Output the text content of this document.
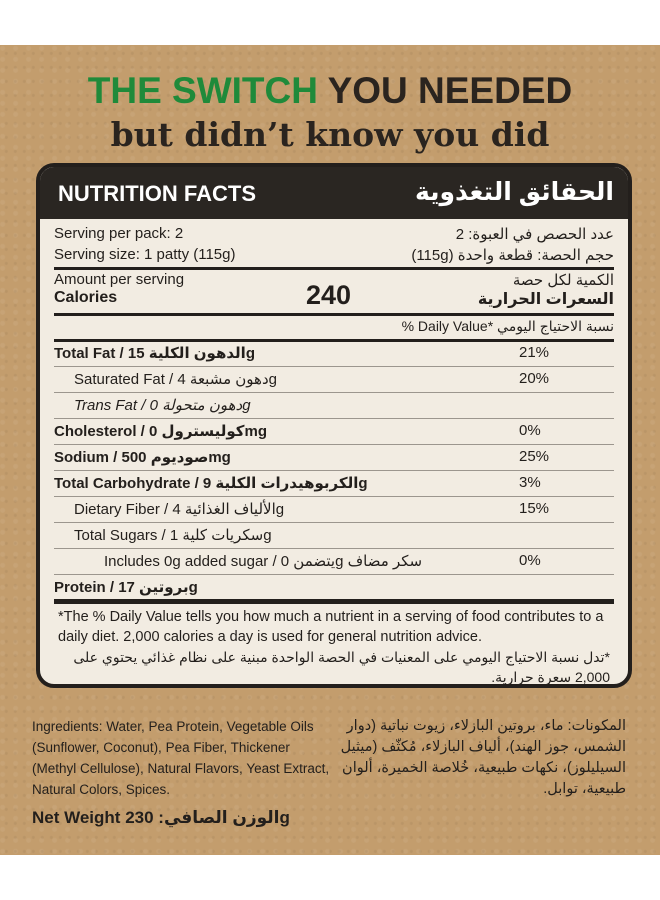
THE SWITCH YOU NEEDED
but didn’t know you did
NUTRITION FACTS	الحقائق التغذوية
Serving per pack: 2	عدد الحصص في العبوة: 2
Serving size: 1 patty (115g)	حجم الحصة: قطعة واحدة (115g)
Amount per serving	الكمية لكل حصة
Calories	240	السعرات الحرارية
% Daily Value* نسبة الاحتياج اليومي
Total Fat / الدهون الكلية 15g	21%
Saturated Fat / دهون مشبعة 4g	20%
Trans Fat / دهون متحولة 0g
Cholesterol / كوليسترول 0mg	0%
Sodium / صوديوم 500mg	25%
Total Carbohydrate / الكربوهيدرات الكلية 9g	3%
Dietary Fiber / الألياف الغذائية 4g	15%
Total Sugars / سكريات كلية 1g
Includes 0g added sugar / يتضمن 0g سكر مضاف	0%
Protein / بروتين 17g
*The % Daily Value tells you how much a nutrient in a serving of food contributes to a daily diet. 2,000 calories a day is used for general nutrition advice.
*تدل نسبة الاحتياج اليومي على المعنيات في الحصة الواحدة مبنية على نظام غذائي يحتوي على 2,000 سعرة حرارية.
Ingredients: Water, Pea Protein, Vegetable Oils (Sunflower, Coconut), Pea Fiber, Thickener (Methyl Cellulose), Natural Flavors, Yeast Extract, Natural Colors, Spices.
المكونات: ماء، بروتين البازلاء، زيوت نباتية (دوار الشمس، جوز الهند)، ألياف البازلاء، مُكثّف (ميثيل السيليلوز)، نكهات طبيعية، خُلاصة الخميرة، ألوان طبيعية، توابل.
Net Weight الوزن الصافي: 230g
